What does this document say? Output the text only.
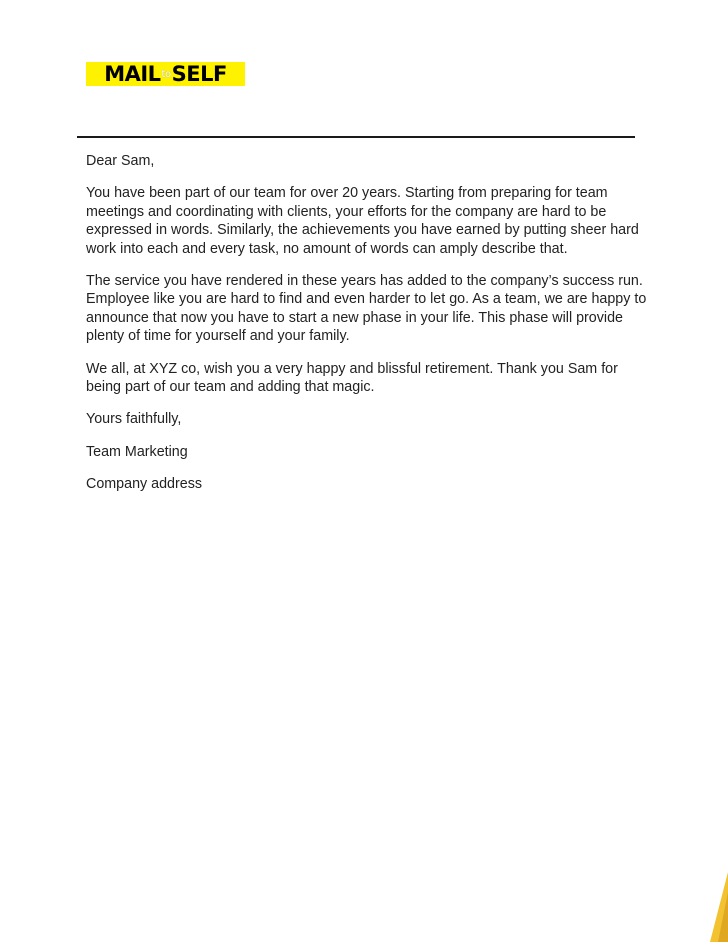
MAIL to SELF

Dear Sam,

You have been part of our team for over 20 years. Starting from preparing for team meetings and coordinating with clients, your efforts for the company are hard to be expressed in words. Similarly, the achievements you have earned by putting sheer hard work into each and every task, no amount of words can amply describe that.

The service you have rendered in these years has added to the company’s success run. Employee like you are hard to find and even harder to let go. As a team, we are happy to announce that now you have to start a new phase in your life. This phase will provide plenty of time for yourself and your family.

We all, at XYZ co, wish you a very happy and blissful retirement. Thank you Sam for being part of our team and adding that magic.

Yours faithfully,

Team Marketing

Company address
